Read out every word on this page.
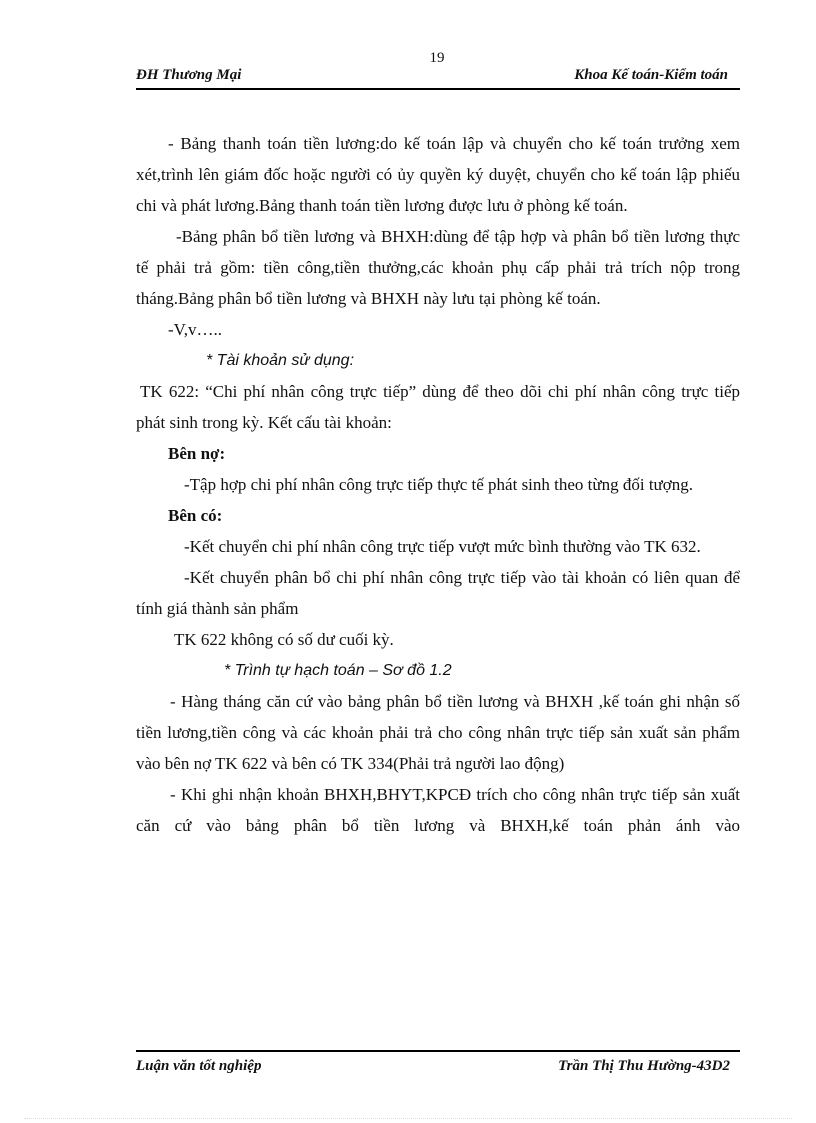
19
ĐH Thương Mại	Khoa Kế toán-Kiểm toán

- Bảng thanh toán tiền lương:do kế toán lập và chuyển cho kế toán trưởng xem xét,trình lên giám đốc hoặc người có ủy quyền ký duyệt, chuyển cho kế toán lập phiếu chi và phát lương.Bảng thanh toán tiền lương được lưu ở phòng kế toán.

-Bảng phân bổ tiền lương và BHXH:dùng để tập hợp và phân bổ tiền lương thực tế phải trả gồm: tiền công,tiền thưởng,các khoản phụ cấp phải trả trích nộp trong tháng.Bảng phân bổ tiền lương và BHXH này lưu tại phòng kế toán.

-V,v…..

* Tài khoản sử dụng:

TK 622: “Chi phí nhân công trực tiếp” dùng để theo dõi chi phí nhân công trực tiếp phát sinh trong kỳ. Kết cấu tài khoản:

Bên nợ:

-Tập hợp chi phí nhân công trực tiếp thực tế phát sinh theo từng đối tượng.

Bên có:

-Kết chuyển chi phí nhân công trực tiếp vượt mức bình thường vào TK 632.

-Kết chuyển phân bổ chi phí nhân công trực tiếp vào tài khoản có liên quan để tính giá thành sản phẩm

TK 622 không có số dư cuối kỳ.

* Trình tự hạch toán – Sơ đồ 1.2

- Hàng tháng căn cứ vào bảng phân bổ tiền lương và BHXH ,kế toán ghi nhận số tiền lương,tiền công và các khoản phải trả cho công nhân trực tiếp sản xuất sản phẩm vào bên nợ TK 622 và bên có TK 334(Phải trả người lao động)

- Khi ghi nhận khoản BHXH,BHYT,KPCĐ trích cho công nhân trực tiếp sản xuất căn cứ vào bảng phân bổ tiền lương và BHXH,kế toán phản ánh vào

Luận văn tốt nghiệp	Trần Thị Thu Hường-43D2
